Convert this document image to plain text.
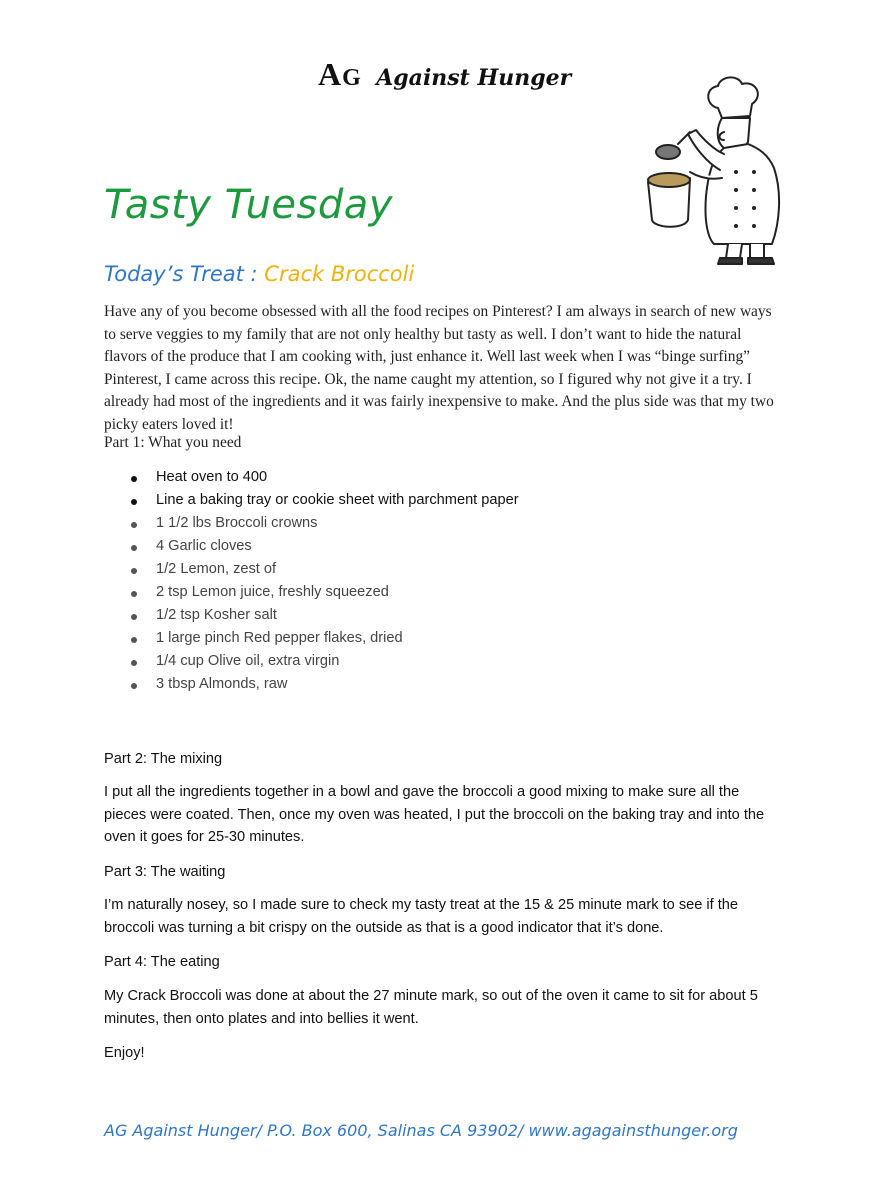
AG Against Hunger
Tasty Tuesday
Today’s Treat : Crack Broccoli

Have any of you become obsessed with all the food recipes on Pinterest? I am always in search of new ways to serve veggies to my family that are not only healthy but tasty as well. I don’t want to hide the natural flavors of the produce that I am cooking with, just enhance it. Well last week when I was “binge surfing” Pinterest, I came across this recipe. Ok, the name caught my attention, so I figured why not give it a try. I already had most of the ingredients and it was fairly inexpensive to make. And the plus side was that my two picky eaters loved it!

Part 1: What you need
Heat oven to 400
Line a baking tray or cookie sheet with parchment paper
1 1/2 lbs Broccoli crowns
4 Garlic cloves
1/2 Lemon, zest of
2 tsp Lemon juice, freshly squeezed
1/2 tsp Kosher salt
1 large pinch Red pepper flakes, dried
1/4 cup Olive oil, extra virgin
3 tbsp Almonds, raw
Part 2: The mixing

I put all the ingredients together in a bowl and gave the broccoli a good mixing to make sure all the pieces were coated. Then, once my oven was heated, I put the broccoli on the baking tray and into the oven it goes for 25-30 minutes.

Part 3: The waiting

I’m naturally nosey, so I made sure to check my tasty treat at the 15 & 25 minute mark to see if the broccoli was turning a bit crispy on the outside as that is a good indicator that it’s done.

Part 4: The eating

My Crack Broccoli was done at about the 27 minute mark, so out of the oven it came to sit for about 5 minutes, then onto plates and into bellies it went.

Enjoy!
AG Against Hunger/ P.O. Box 600, Salinas CA 93902/ www.agagainsthunger.org
